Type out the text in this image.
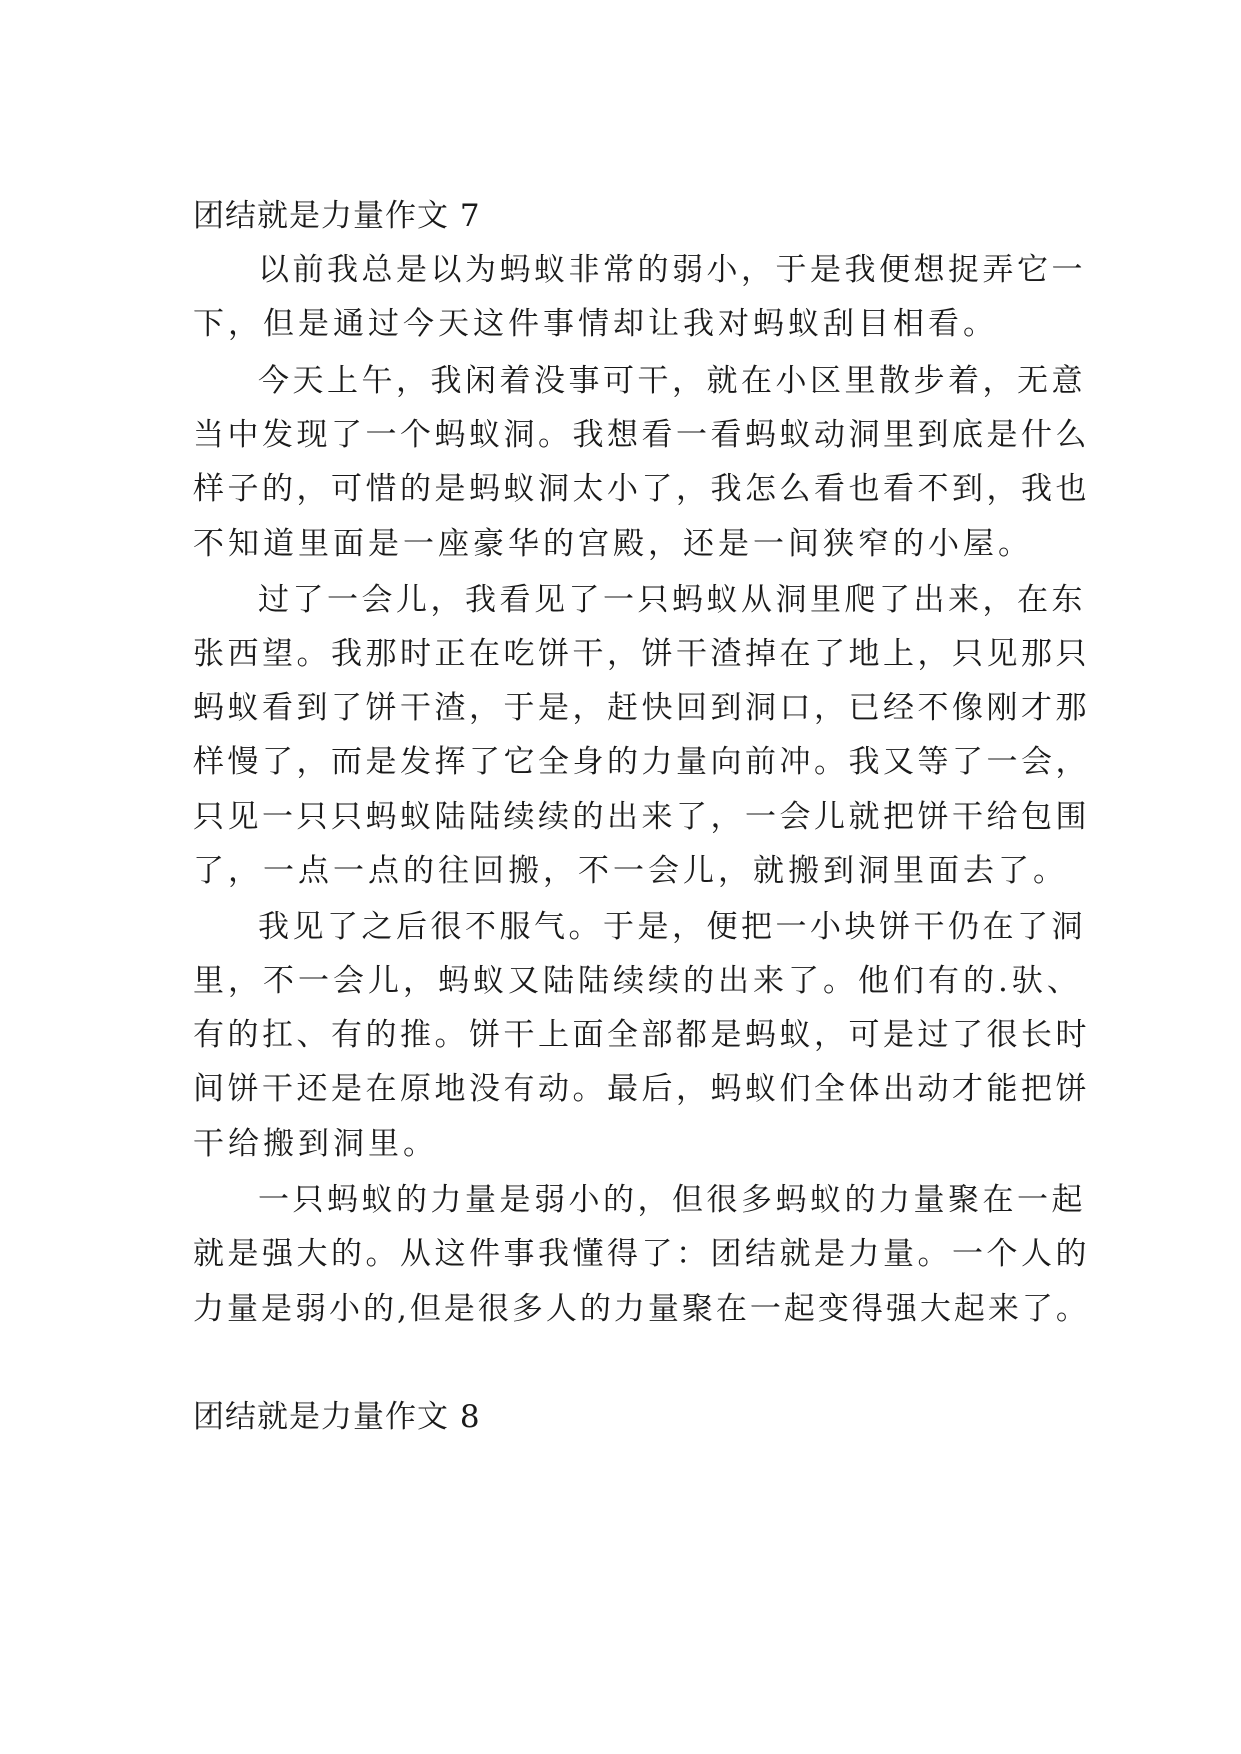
团结就是力量作文 7
以前我总是以为蚂蚁非常的弱小，于是我便想捉弄它一
下，但是通过今天这件事情却让我对蚂蚁刮目相看。
今天上午，我闲着没事可干，就在小区里散步着，无意
当中发现了一个蚂蚁洞。我想看一看蚂蚁动洞里到底是什么
样子的，可惜的是蚂蚁洞太小了，我怎么看也看不到，我也
不知道里面是一座豪华的宫殿，还是一间狭窄的小屋。
过了一会儿，我看见了一只蚂蚁从洞里爬了出来，在东
张西望。我那时正在吃饼干，饼干渣掉在了地上，只见那只
蚂蚁看到了饼干渣，于是，赶快回到洞口，已经不像刚才那
样慢了，而是发挥了它全身的力量向前冲。我又等了一会，
只见一只只蚂蚁陆陆续续的出来了，一会儿就把饼干给包围
了，一点一点的往回搬，不一会儿，就搬到洞里面去了。
我见了之后很不服气。于是，便把一小块饼干仍在了洞
里，不一会儿，蚂蚁又陆陆续续的出来了。他们有的.驮、
有的扛、有的推。饼干上面全部都是蚂蚁，可是过了很长时
间饼干还是在原地没有动。最后，蚂蚁们全体出动才能把饼
干给搬到洞里。
一只蚂蚁的力量是弱小的，但很多蚂蚁的力量聚在一起
就是强大的。从这件事我懂得了：团结就是力量。一个人的
力量是弱小的,但是很多人的力量聚在一起变得强大起来了。
团结就是力量作文 8
